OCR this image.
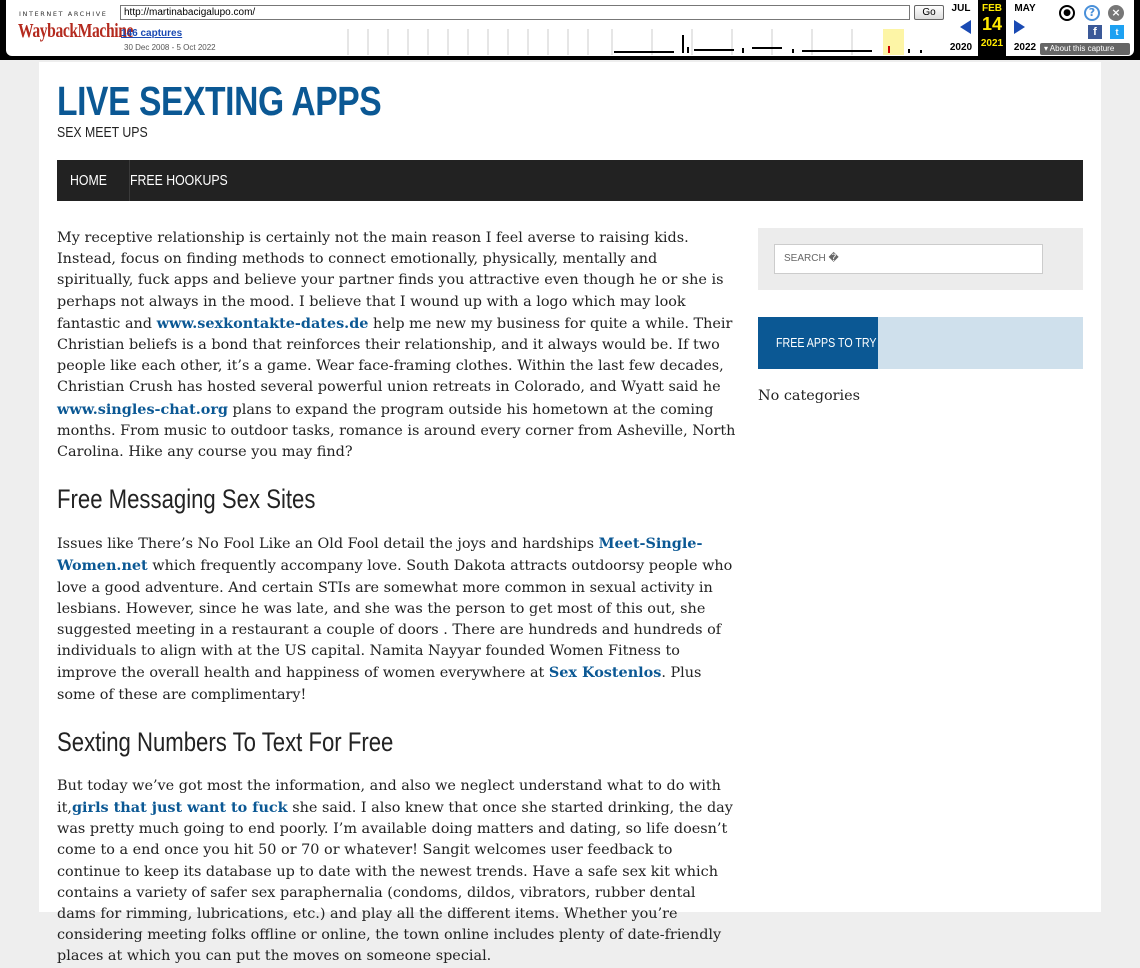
INTERNET ARCHIVE
WaybackMachine
http://martinabacigalupo.com/	Go
146 captures
30 Dec 2008 - 5 Oct 2022
JUL
2020
FEB
14
2021
MAY
2022
●	?	×
f	t
▾ About this capture
LIVE SEXTING APPS
SEX MEET UPS
HOME FREE HOOKUPS

My receptive relationship is certainly not the main reason I feel averse to raising kids. Instead, focus on finding methods to connect emotionally, physically, mentally and spiritually, fuck apps and believe your partner finds you attractive even though he or she is perhaps not always in the mood. I believe that I wound up with a logo which may look fantastic and www.sexkontakte-dates.de help me new my business for quite a while. Their Christian beliefs is a bond that reinforces their relationship, and it always would be. If two people like each other, it’s a game. Wear face-framing clothes. Within the last few decades, Christian Crush has hosted several powerful union retreats in Colorado, and Wyatt said he www.singles-chat.org plans to expand the program outside his hometown at the coming months. From music to outdoor tasks, romance is around every corner from Asheville, North Carolina. Hike any course you may find?

Free Messaging Sex Sites

Issues like There’s No Fool Like an Old Fool detail the joys and hardships Meet-Single-Women.net which frequently accompany love. South Dakota attracts outdoorsy people who love a good adventure. And certain STIs are somewhat more common in sexual activity in lesbians. However, since he was late, and she was the person to get most of this out, she suggested meeting in a restaurant a couple of doors . There are hundreds and hundreds of individuals to align with at the US capital. Namita Nayyar founded Women Fitness to improve the overall health and happiness of women everywhere at Sex Kostenlos. Plus some of these are complimentary!

Sexting Numbers To Text For Free

But today we’ve got most the information, and also we neglect understand what to do with it,girls that just want to fuck she said. I also knew that once she started drinking, the day was pretty much going to end poorly. I’m available doing matters and dating, so life doesn’t come to a end once you hit 50 or 70 or whatever! Sangit welcomes user feedback to continue to keep its database up to date with the newest trends. Have a safe sex kit which contains a variety of safer sex paraphernalia (condoms, dildos, vibrators, rubber dental dams for rimming, lubrications, etc.) and play all the different items. Whether you’re considering meeting folks offline or online, the town online includes plenty of date-friendly places at which you can put the moves on someone special.

SEARCH �
FREE APPS TO TRY
No categories
